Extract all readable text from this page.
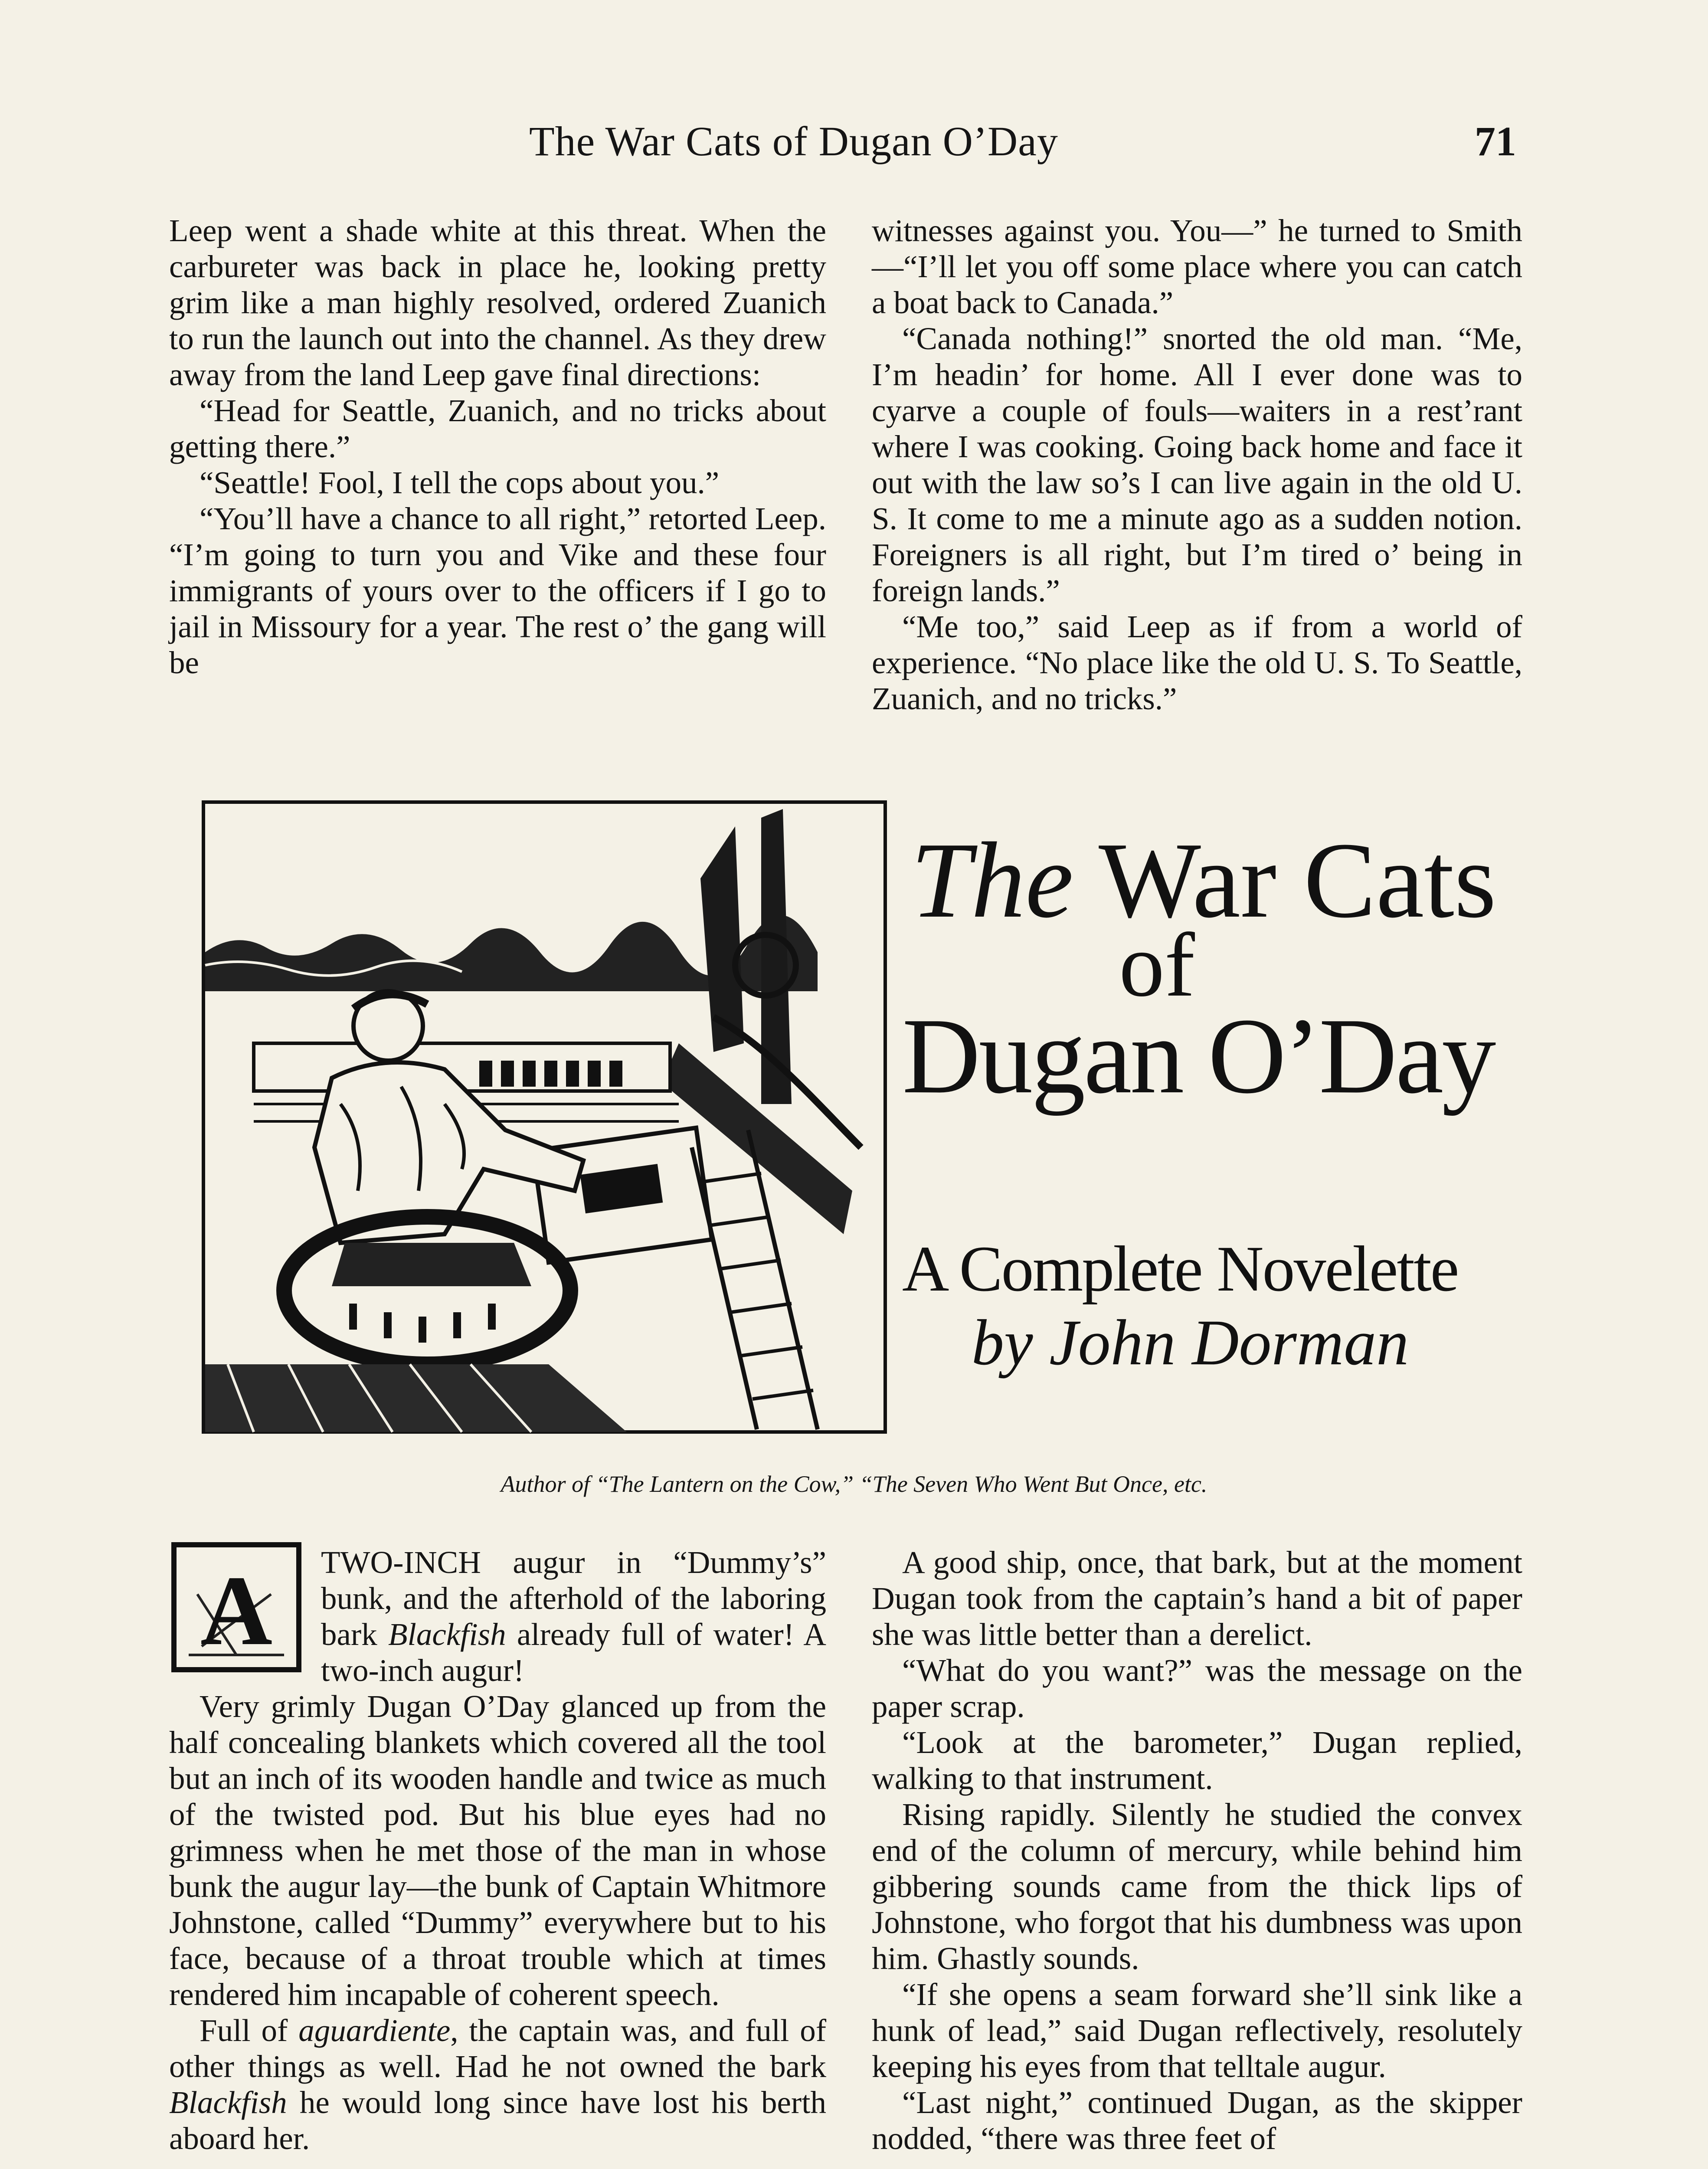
The War Cats of Dugan O’Day	71

Leep went a shade white at this threat. When the carbureter was back in place he, looking pretty grim like a man highly resolved, ordered Zuanich to run the launch out into the channel. As they drew away from the land Leep gave final directions:

“Head for Seattle, Zuanich, and no tricks about getting there.”

“Seattle! Fool, I tell the cops about you.”

“You’ll have a chance to all right,” retorted Leep. “I’m going to turn you and Vike and these four immigrants of yours over to the officers if I go to jail in Missoury for a year. The rest o’ the gang will be

witnesses against you. You—” he turned to Smith—“I’ll let you off some place where you can catch a boat back to Canada.”

“Canada nothing!” snorted the old man. “Me, I’m headin’ for home. All I ever done was to cyarve a couple of fouls—waiters in a rest’rant where I was cooking. Going back home and face it out with the law so’s I can live again in the old U. S. It come to me a minute ago as a sudden notion. Foreigners is all right, but I’m tired o’ being in foreign lands.”

“Me too,” said Leep as if from a world of experience. “No place like the old U. S. To Seattle, Zuanich, and no tricks.”

The War Cats
of
Dugan O’Day
A Complete Novelette
by John Dorman
Author of “The Lantern on the Cow,” “The Seven Who Went But Once, etc.
A	TWO-INCH augur in “Dummy’s” bunk, and the afterhold of the laboring bark Blackfish already full of water! A two-inch augur!

Very grimly Dugan O’Day glanced up from the half concealing blankets which covered all the tool but an inch of its wooden handle and twice as much of the twisted pod. But his blue eyes had no grimness when he met those of the man in whose bunk the augur lay—the bunk of Captain Whitmore Johnstone, called “Dummy” everywhere but to his face, because of a throat trouble which at times rendered him incapable of coherent speech.

Full of aguardiente, the captain was, and full of other things as well. Had he not owned the bark Blackfish he would long since have lost his berth aboard her.

A good ship, once, that bark, but at the moment Dugan took from the captain’s hand a bit of paper she was little better than a derelict.

“What do you want?” was the message on the paper scrap.

“Look at the barometer,” Dugan replied, walking to that instrument.

Rising rapidly. Silently he studied the convex end of the column of mercury, while behind him gibbering sounds came from the thick lips of Johnstone, who forgot that his dumbness was upon him. Ghastly sounds.

“If she opens a seam forward she’ll sink like a hunk of lead,” said Dugan reflectively, resolutely keeping his eyes from that telltale augur.

“Last night,” continued Dugan, as the skipper nodded, “there was three feet of
